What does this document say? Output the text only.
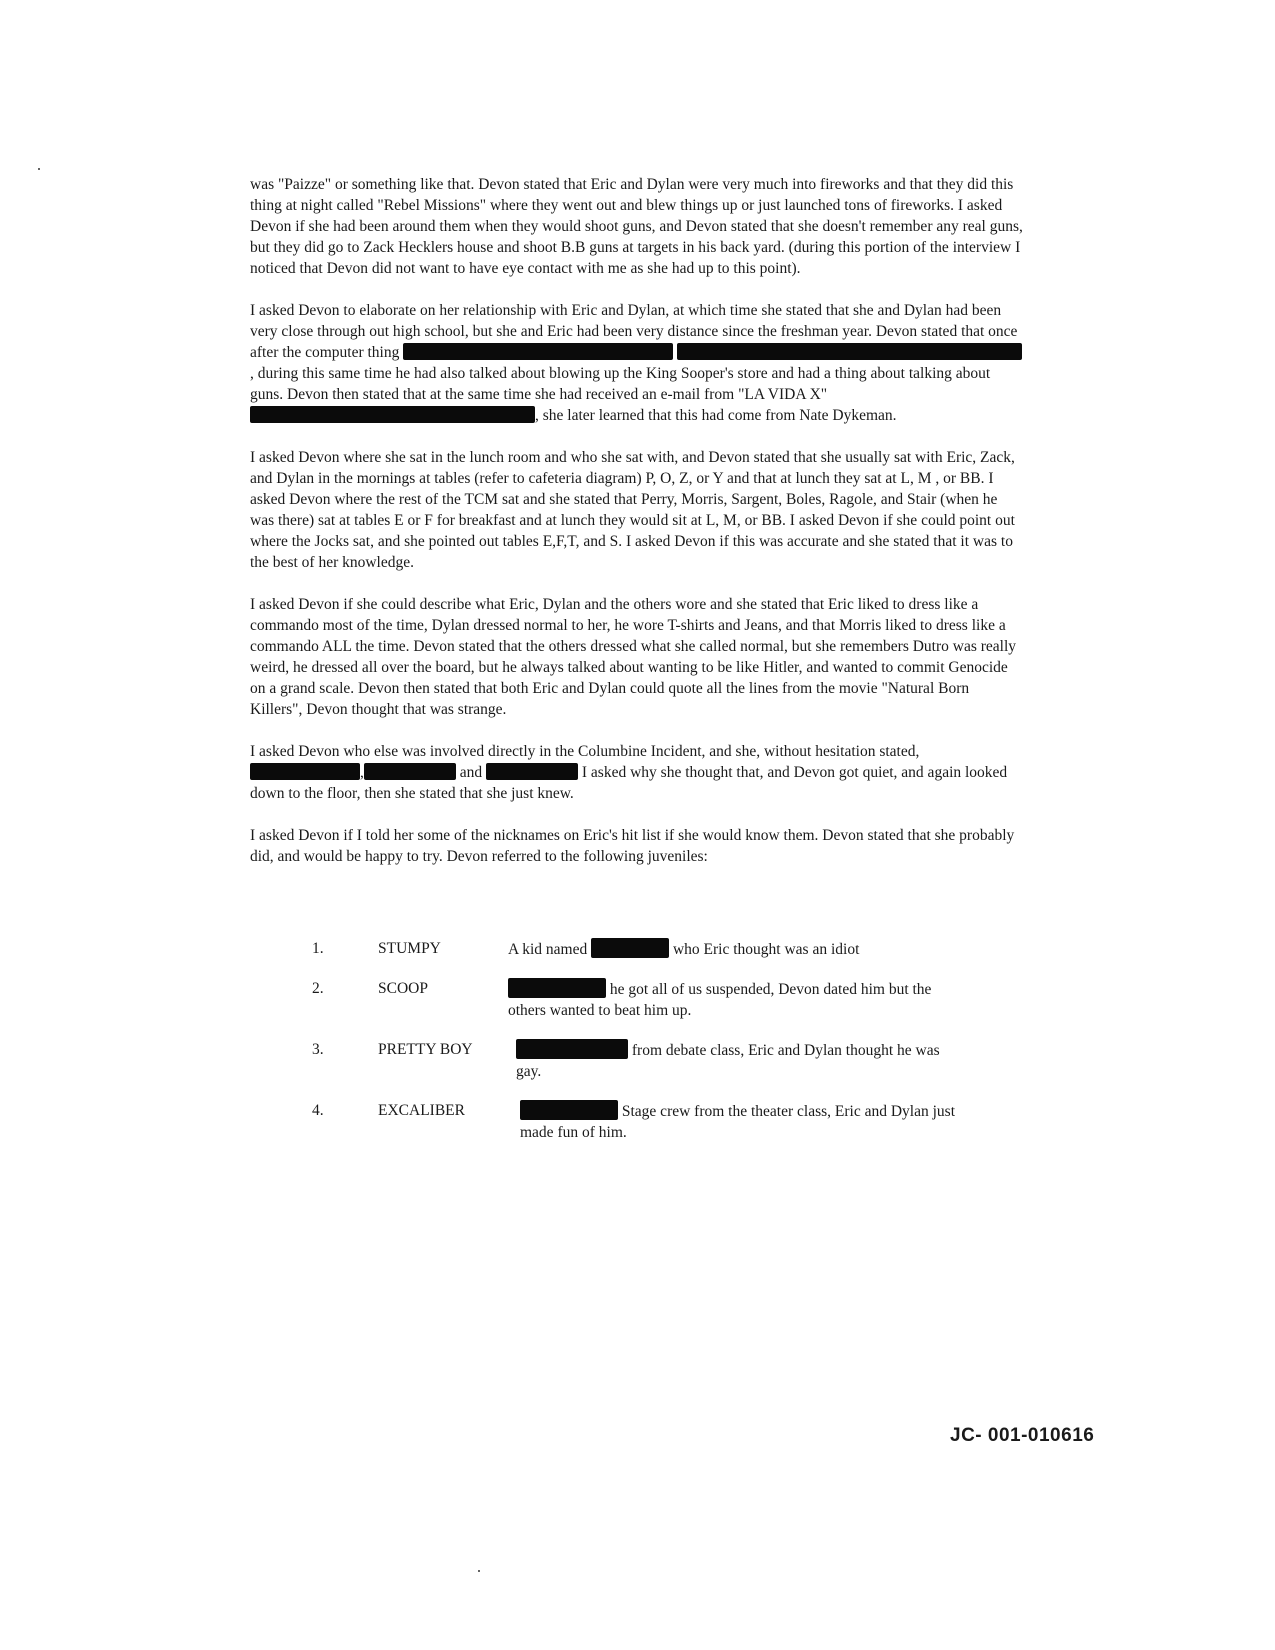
was "Paizze" or something like that. Devon stated that Eric and Dylan were very much into fireworks and that they did this thing at night called "Rebel Missions" where they went out and blew things up or just launched tons of fireworks. I asked Devon if she had been around them when they would shoot guns, and Devon stated that she doesn't remember any real guns, but they did go to Zack Hecklers house and shoot B.B guns at targets in his back yard. (during this portion of the interview I noticed that Devon did not want to have eye contact with me as she had up to this point).

I asked Devon to elaborate on her relationship with Eric and Dylan, at which time she stated that she and Dylan had been very close through out high school, but she and Eric had been very distance since the freshman year. Devon stated that once after the computer thing  , during this same time he had also talked about blowing up the King Sooper's store and had a thing about talking about guns. Devon then stated that at the same time she had received an e-mail from "LA VIDA X" , she later learned that this had come from Nate Dykeman.

I asked Devon where she sat in the lunch room and who she sat with, and Devon stated that she usually sat with Eric, Zack, and Dylan in the mornings at tables (refer to cafeteria diagram) P, O, Z, or Y and that at lunch they sat at L, M , or BB. I asked Devon where the rest of the TCM sat and she stated that Perry, Morris, Sargent, Boles, Ragole, and Stair (when he was there) sat at tables E or F for breakfast and at lunch they would sit at L, M, or BB. I asked Devon if she could point out where the Jocks sat, and she pointed out tables E,F,T, and S. I asked Devon if this was accurate and she stated that it was to the best of her knowledge.

I asked Devon if she could describe what Eric, Dylan and the others wore and she stated that Eric liked to dress like a commando most of the time, Dylan dressed normal to her, he wore T-shirts and Jeans, and that Morris liked to dress like a commando ALL the time. Devon stated that the others dressed what she called normal, but she remembers Dutro was really weird, he dressed all over the board, but he always talked about wanting to be like Hitler, and wanted to commit Genocide on a grand scale. Devon then stated that both Eric and Dylan could quote all the lines from the movie "Natural Born Killers", Devon thought that was strange.

I asked Devon who else was involved directly in the Columbine Incident, and she, without hesitation stated, ,	and	I asked why she thought that, and Devon got quiet, and again looked down to the floor, then she stated that she just knew.

I asked Devon if I told her some of the nicknames on Eric's hit list if she would know them. Devon stated that she probably did, and would be happy to try. Devon referred to the following juveniles:

1.	STUMPY	A kid named	who Eric thought was an idiot
2.	SCOOP	he got all of us suspended, Devon dated him but the
others wanted to beat him up.
3.	PRETTY BOY	from debate class, Eric and Dylan thought he was
gay.
4.	EXCALIBER	Stage crew from the theater class, Eric and Dylan just
made fun of him.
JC- 001-010616
